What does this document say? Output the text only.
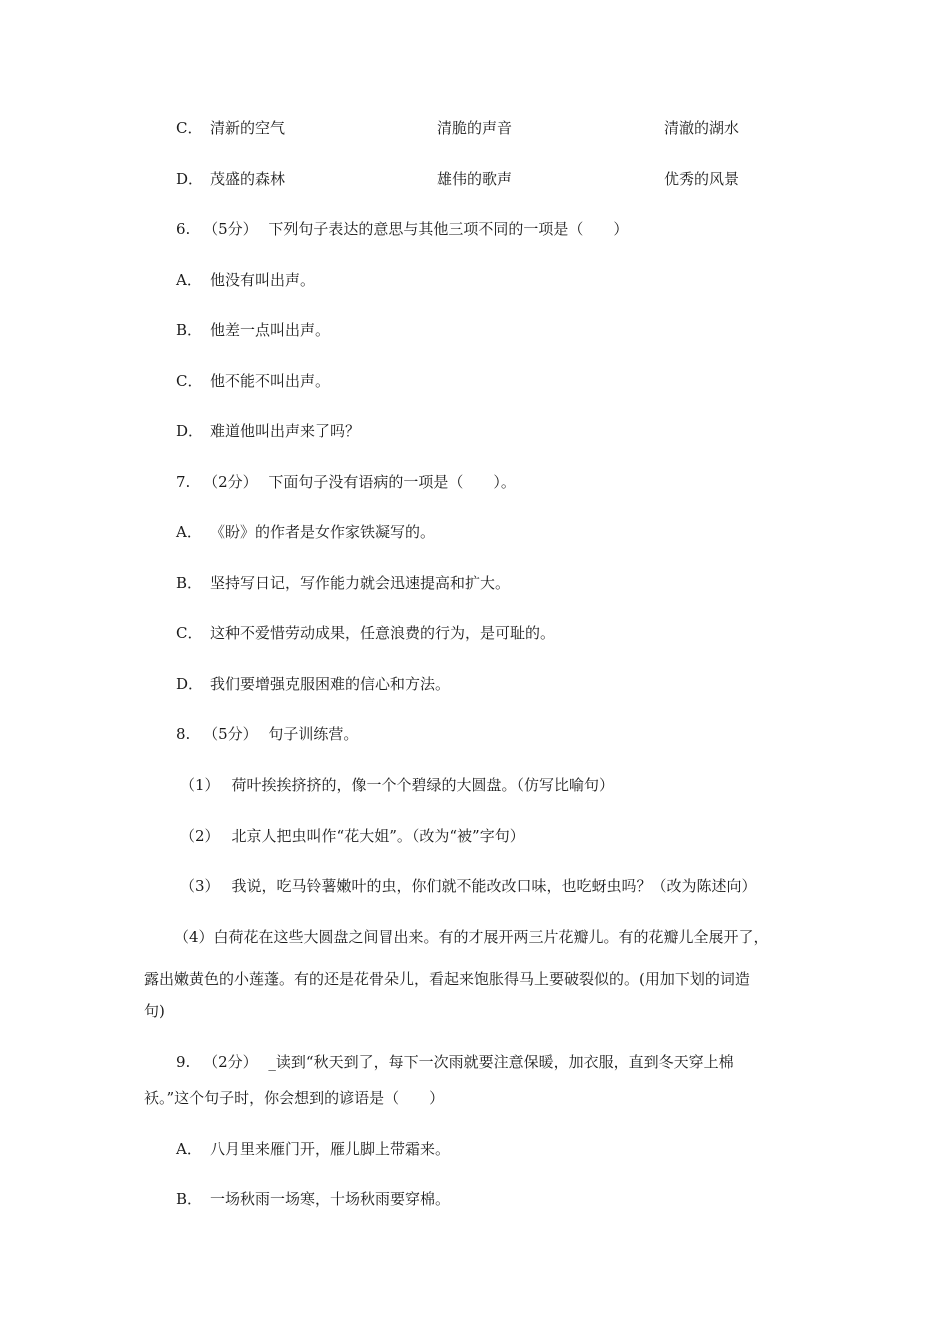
C． 清新的空气	清脆的声音	清澈的湖水
D． 茂盛的森林	雄伟的歌声	优秀的风景
6. （5分） 下列句子表达的意思与其他三项不同的一项是（　　）
A． 他没有叫出声。
B． 他差一点叫出声。
C． 他不能不叫出声。
D． 难道他叫出声来了吗？
7. （2分） 下面句子没有语病的一项是（　　）。
A． 《盼》的作者是女作家铁凝写的。
B． 坚持写日记，写作能力就会迅速提高和扩大。
C． 这种不爱惜劳动成果，任意浪费的行为，是可耻的。
D． 我们要增强克服困难的信心和方法。
8. （5分） 句子训练营。
（1） 荷叶挨挨挤挤的，像一个个碧绿的大圆盘。（仿写比喻句）
（2） 北京人把虫叫作“花大姐”。（改为“被”字句）
（3） 我说，吃马铃薯嫩叶的虫，你们就不能改改口味，也吃蚜虫吗？（改为陈述向）
（4）白荷花在这些大圆盘之间冒出来。有的才展开两三片花瓣儿。有的花瓣儿全展开了，
露出嫩黄色的小莲蓬。有的还是花骨朵儿，看起来饱胀得马上要破裂似的。(用加下划的词造
句)
9. （2分） _读到“秋天到了，每下一次雨就要注意保暖，加衣服，直到冬天穿上棉
袄。”这个句子时，你会想到的谚语是（　　）
A． 八月里来雁门开，雁儿脚上带霜来。
B． 一场秋雨一场寒，十场秋雨要穿棉。
